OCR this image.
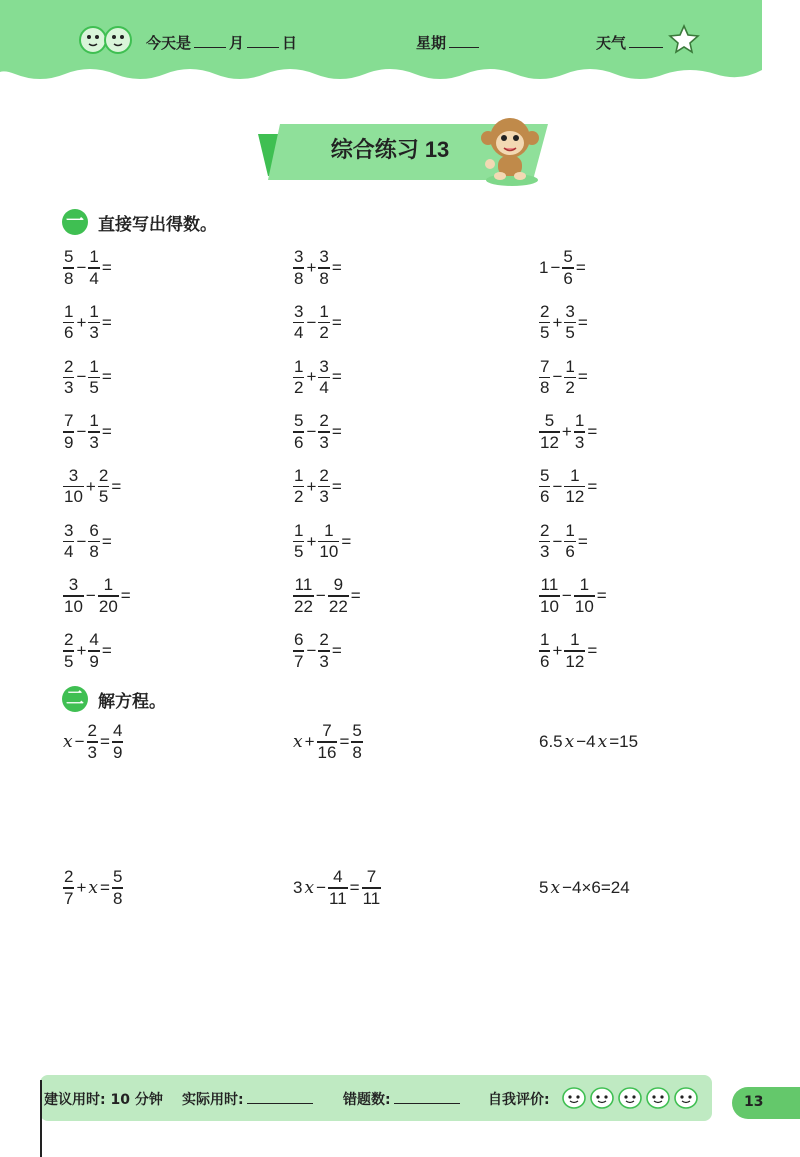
今天是	月	日	星期	天气
综合练习 13
一 直接写出得数。
$\frac{5}{8} - \frac{1}{4}$ =	$\frac{3}{8} + \frac{3}{8}$ =	$1 - \frac{5}{6}$ =
$\frac{1}{6} + \frac{1}{3}$ =	$\frac{3}{4} - \frac{1}{2}$ =	$\frac{2}{5} + \frac{3}{5}$ =
$\frac{2}{3} - \frac{1}{5}$ =	$\frac{1}{2} + \frac{3}{4}$ =	$\frac{7}{8} - \frac{1}{2}$ =
$\frac{7}{9} - \frac{1}{3}$ =	$\frac{5}{6} - \frac{2}{3}$ =	$\frac{5}{12} + \frac{1}{3}$ =
$\frac{3}{10} + \frac{2}{5}$ =	$\frac{1}{2} + \frac{2}{3}$ =	$\frac{5}{6} - \frac{1}{12}$ =
$\frac{3}{4} - \frac{6}{8}$ =	$\frac{1}{5} + \frac{1}{10}$ =	$\frac{2}{3} - \frac{1}{6}$ =
$\frac{3}{10} - \frac{1}{20}$ =	$\frac{11}{22} - \frac{9}{22}$ =	$\frac{11}{10} - \frac{1}{10}$ =
$\frac{2}{5} + \frac{4}{9}$ =	$\frac{6}{7} - \frac{2}{3}$ =	$\frac{1}{6} + \frac{1}{12}$ =
二 解方程。
$x - \frac{2}{3} = \frac{4}{9}$	$x + \frac{7}{16} = \frac{5}{8}$	6.5 x −4 x =15
$\frac{2}{7} + x = \frac{5}{8}$	3 $x - \frac{4}{11} = \frac{7}{11}$	5 x −4×6=24
建议用时: 10 分钟 实际用时:	错题数:	自我评价:	13
